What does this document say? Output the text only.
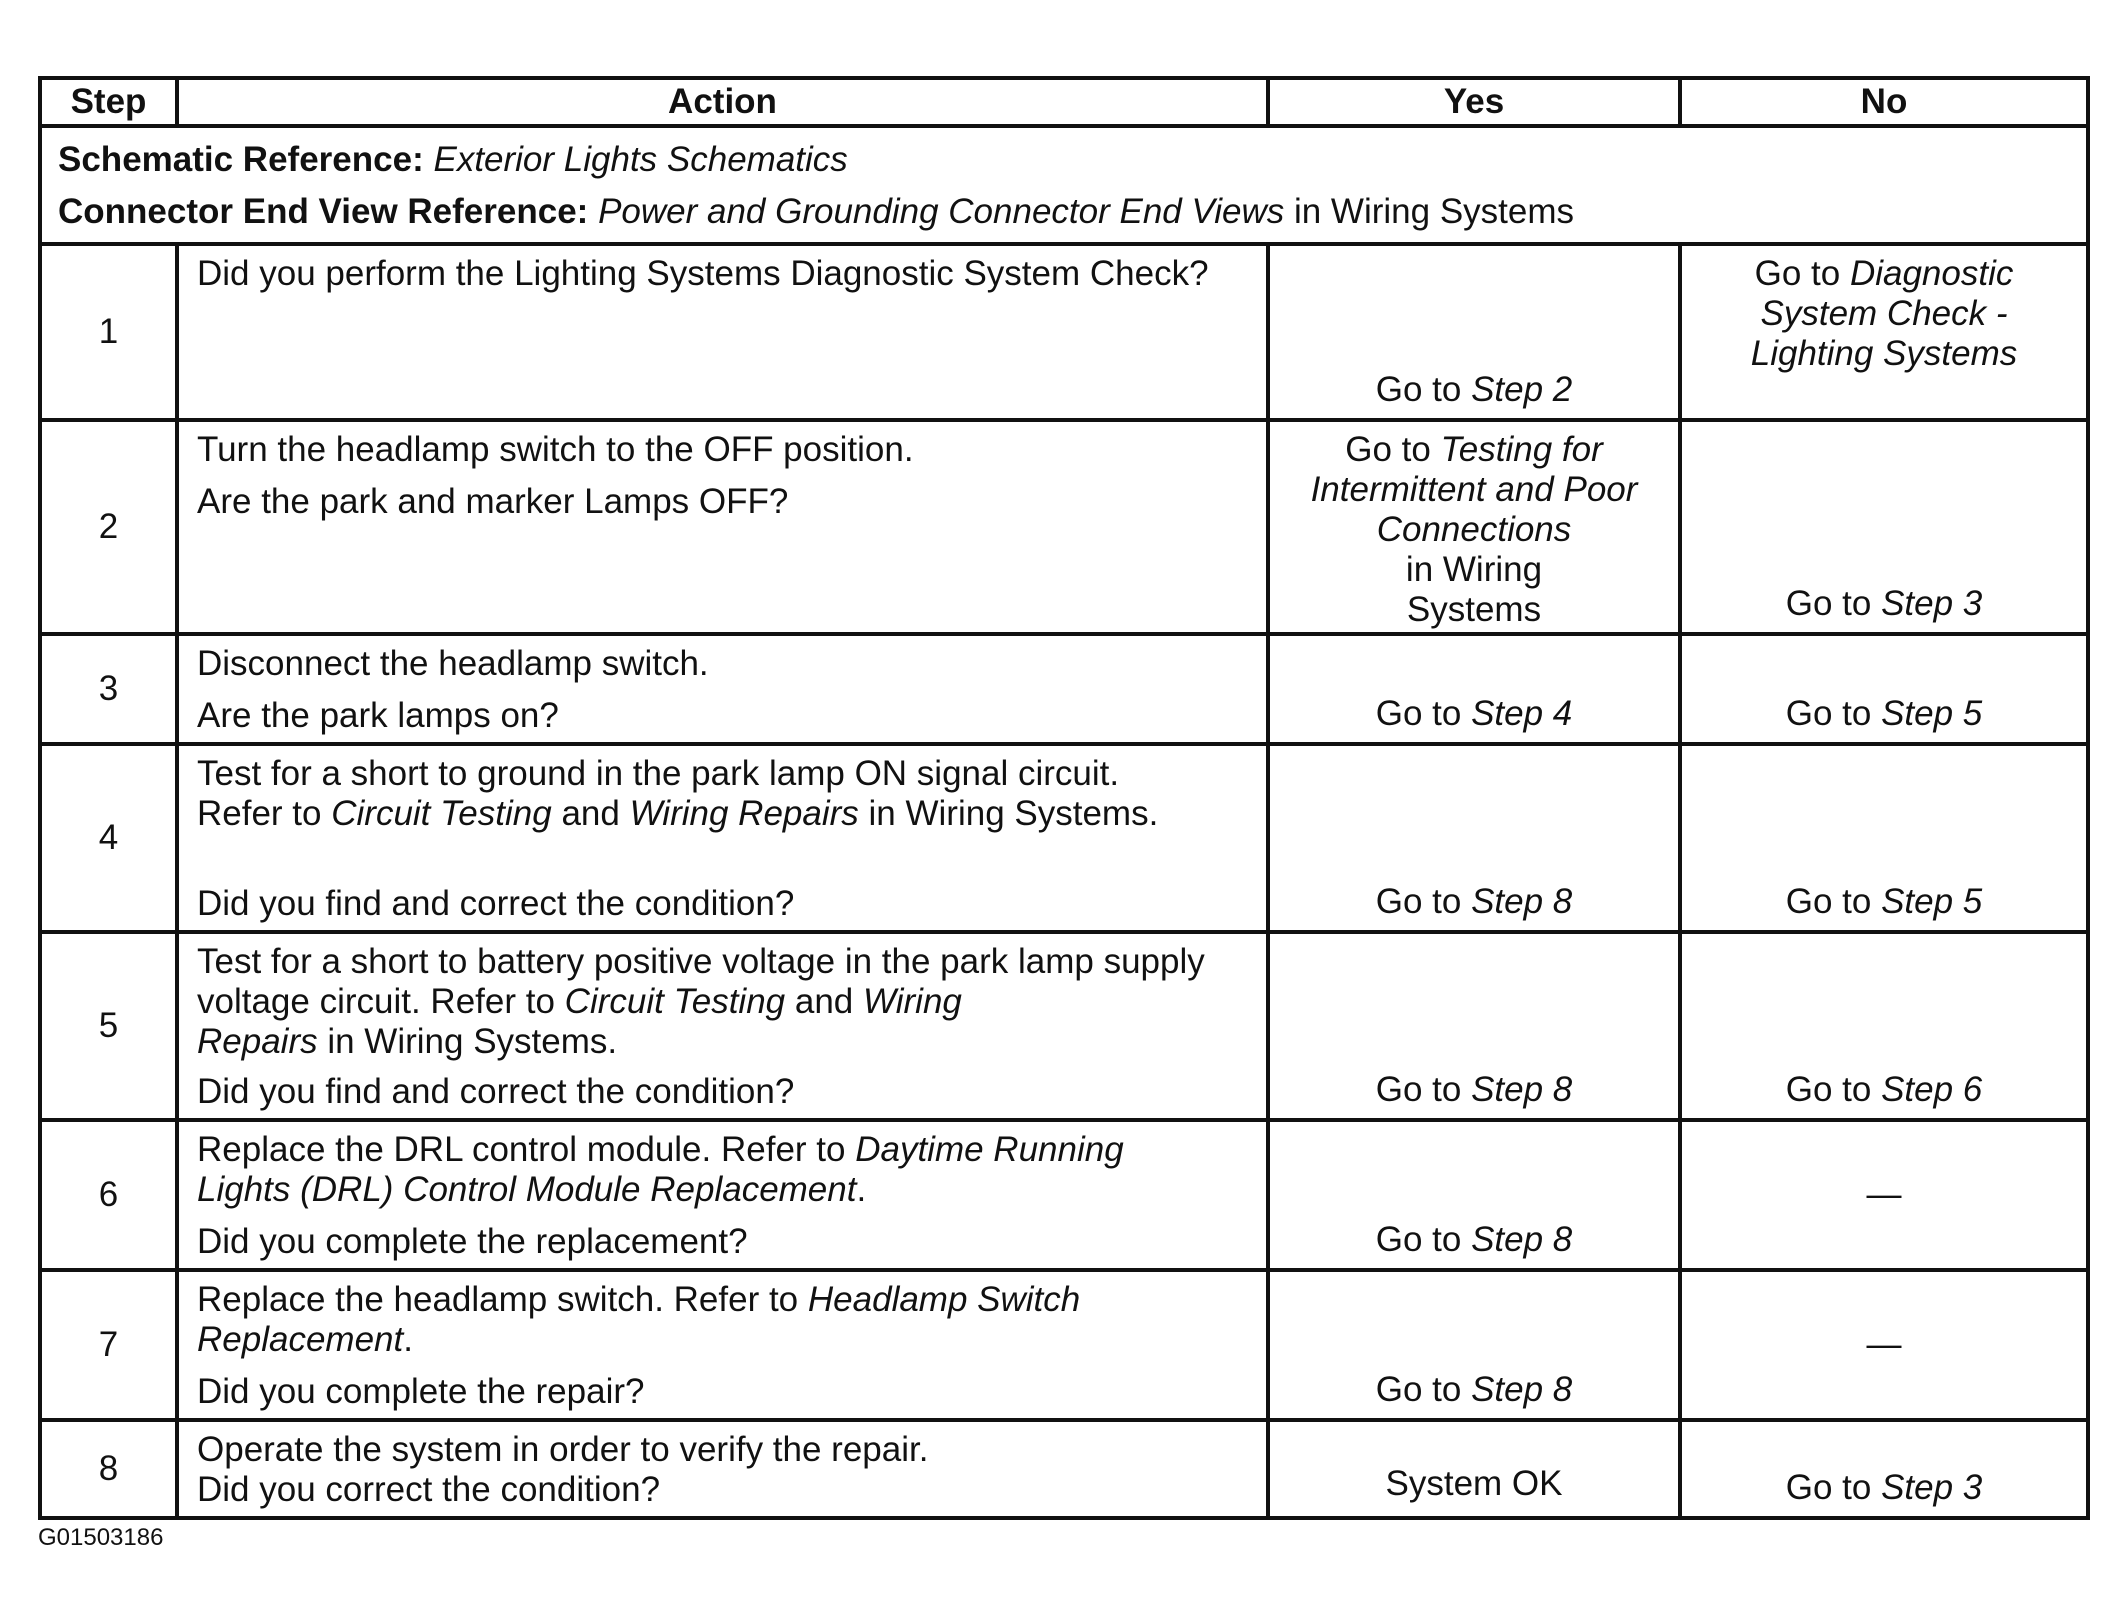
Step	Action	Yes	No

Schematic Reference: Exterior Lights Schematics
Connector End View Reference: Power and Grounding Connector End Views in Wiring Systems			

1	Did you perform the Lighting Systems Diagnostic System Check?	Go to Step 2	Go to Diagnostic
System Check -
Lighting Systems

2	Turn the headlamp switch to the OFF position.
Are the park and marker Lamps OFF?	Go to Testing for
Intermittent and Poor
Connections
in Wiring
Systems	Go to Step 3

3	Disconnect the headlamp switch.
Are the park lamps on?	Go to Step 4	Go to Step 5

4	Test for a short to ground in the park lamp ON signal circuit.
Refer to Circuit Testing and Wiring Repairs in Wiring Systems.
Did you find and correct the condition?	Go to Step 8	Go to Step 5

5	Test for a short to battery positive voltage in the park lamp supply
voltage circuit. Refer to Circuit Testing and Wiring
Repairs in Wiring Systems.
Did you find and correct the condition?	Go to Step 8	Go to Step 6

6	Replace the DRL control module. Refer to Daytime Running
Lights (DRL) Control Module Replacement.
Did you complete the replacement?	Go to Step 8	—

7	Replace the headlamp switch. Refer to Headlamp Switch
Replacement.
Did you complete the repair?	Go to Step 8	—

8	Operate the system in order to verify the repair.
Did you correct the condition?	System OK	Go to Step 3
G01503186
